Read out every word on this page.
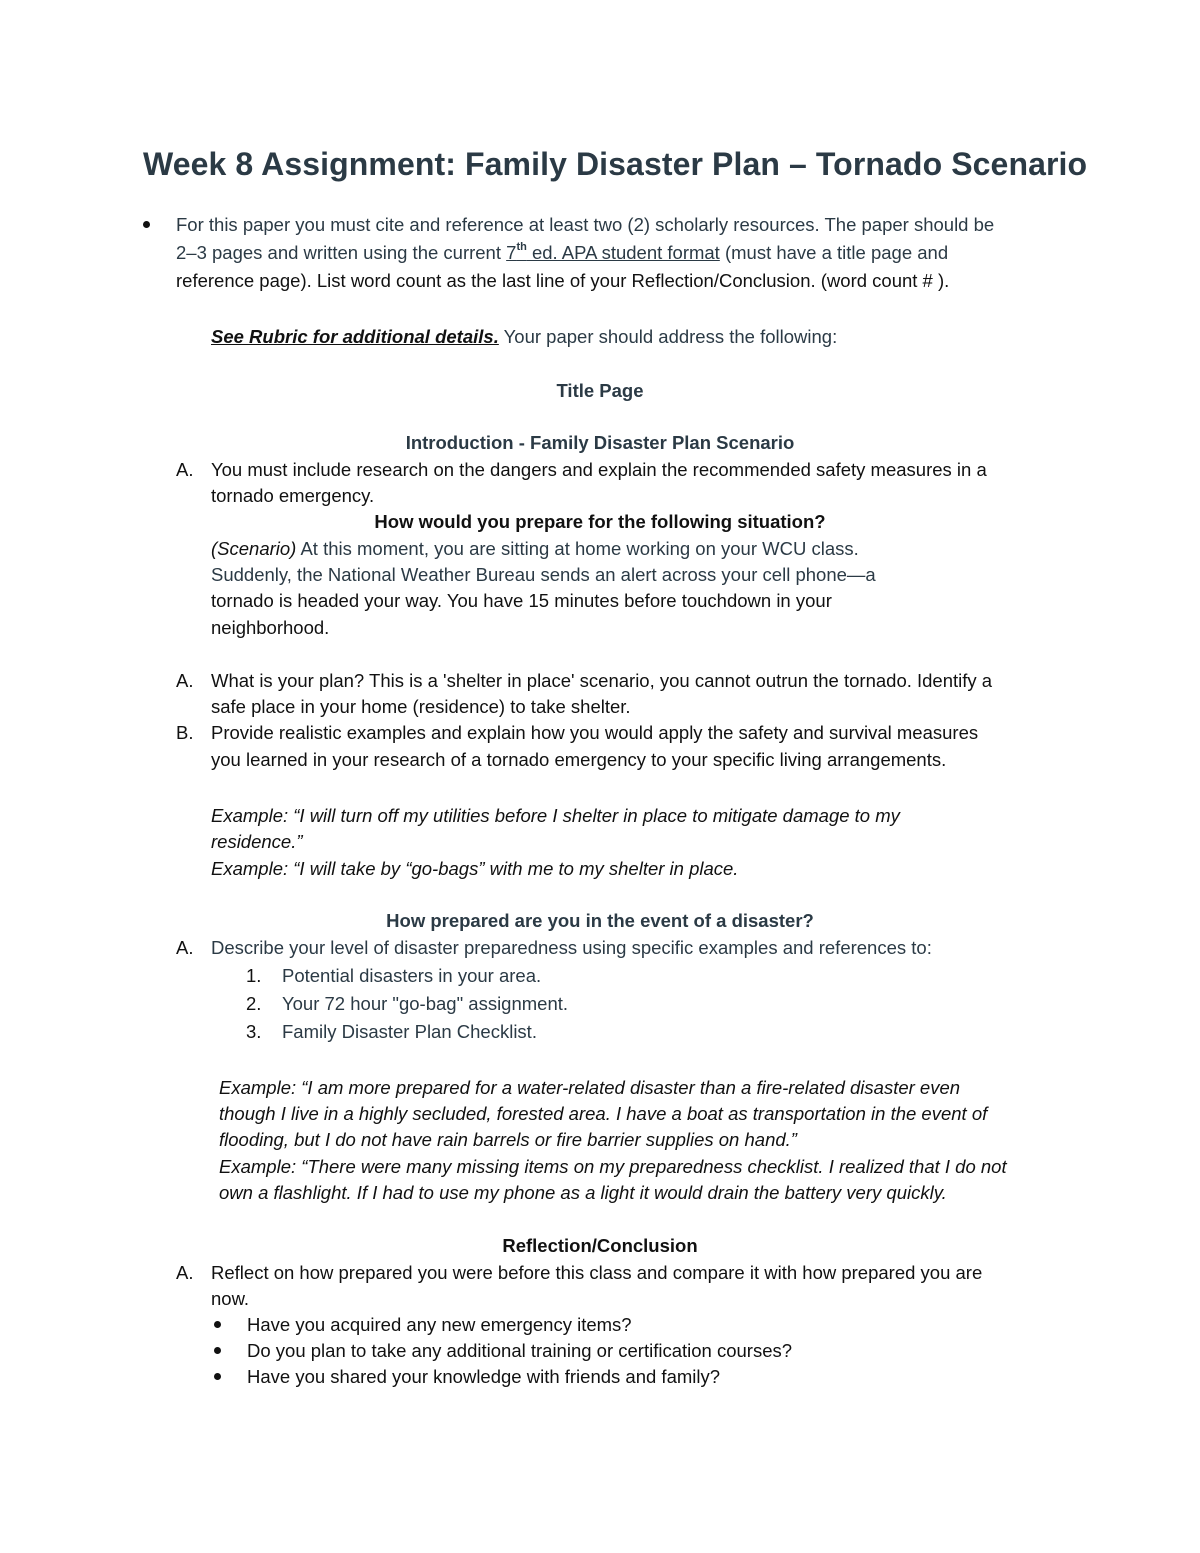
Week 8 Assignment: Family Disaster Plan – Tornado Scenario
For this paper you must cite and reference at least two (2) scholarly resources. The paper should be
2–3 pages and written using the current 7th ed. APA student format (must have a title page and
reference page). List word count as the last line of your Reflection/Conclusion. (word count # ).
See Rubric for additional details. Your paper should address the following:
Title Page
Introduction - Family Disaster Plan Scenario
A. You must include research on the dangers and explain the recommended safety measures in a
tornado emergency.
How would you prepare for the following situation?
(Scenario) At this moment, you are sitting at home working on your WCU class.
Suddenly, the National Weather Bureau sends an alert across your cell phone—a
tornado is headed your way. You have 15 minutes before touchdown in your
neighborhood.
A. What is your plan? This is a 'shelter in place' scenario, you cannot outrun the tornado. Identify a
safe place in your home (residence) to take shelter.
B. Provide realistic examples and explain how you would apply the safety and survival measures
you learned in your research of a tornado emergency to your specific living arrangements.
Example: “I will turn off my utilities before I shelter in place to mitigate damage to my
residence.”
Example: “I will take by “go-bags” with me to my shelter in place.
How prepared are you in the event of a disaster?
A. Describe your level of disaster preparedness using specific examples and references to:
1. Potential disasters in your area.
2. Your 72 hour "go-bag" assignment.
3. Family Disaster Plan Checklist.
Example: “I am more prepared for a water-related disaster than a fire-related disaster even
though I live in a highly secluded, forested area. I have a boat as transportation in the event of
flooding, but I do not have rain barrels or fire barrier supplies on hand.”
Example: “There were many missing items on my preparedness checklist. I realized that I do not
own a flashlight. If I had to use my phone as a light it would drain the battery very quickly.
Reflection/Conclusion
A. Reflect on how prepared you were before this class and compare it with how prepared you are
now.
Have you acquired any new emergency items?
Do you plan to take any additional training or certification courses?
Have you shared your knowledge with friends and family?
